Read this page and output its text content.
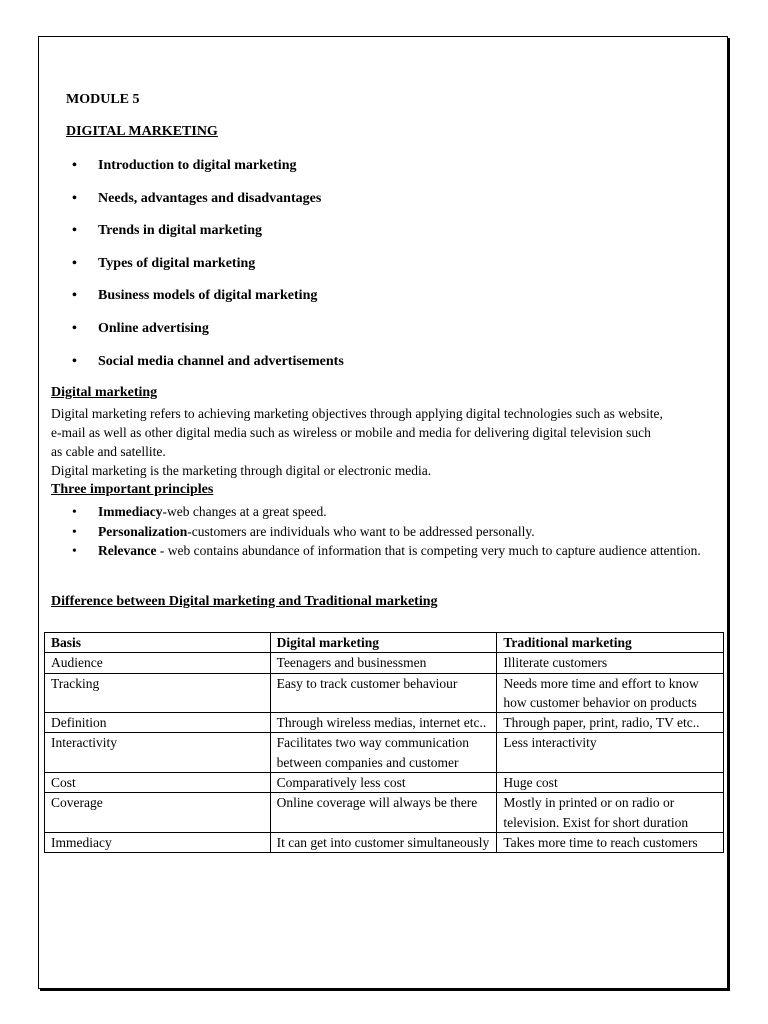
MODULE 5
DIGITAL MARKETING
• Introduction to digital marketing
• Needs, advantages and disadvantages
• Trends in digital marketing
• Types of digital marketing
• Business models of digital marketing
• Online advertising
• Social media channel and advertisements
Digital marketing
Digital marketing refers to achieving marketing objectives through applying digital technologies such as website,
e-mail as well as other digital media such as wireless or mobile and media for delivering digital television such
as cable and satellite.
Digital marketing is the marketing through digital or electronic media.
Three important principles
• Immediacy-web changes at a great speed.
• Personalization-customers are individuals who want to be addressed personally.
• Relevance - web contains abundance of information that is competing very much to capture audience attention.
Difference between Digital marketing and Traditional marketing
Basis	Digital marketing	Traditional marketing
Audience	Teenagers and businessmen	Illiterate customers
Tracking	Easy to track customer behaviour	Needs more time and effort to know how customer behavior on products
Definition	Through wireless medias, internet etc..	Through paper, print, radio, TV etc..
Interactivity	Facilitates two way communication between companies and customer	Less interactivity
Cost	Comparatively less cost	Huge cost
Coverage	Online coverage will always be there	Mostly in printed or on radio or television. Exist for short duration
Immediacy	It can get into customer simultaneously	Takes more time to reach customers
